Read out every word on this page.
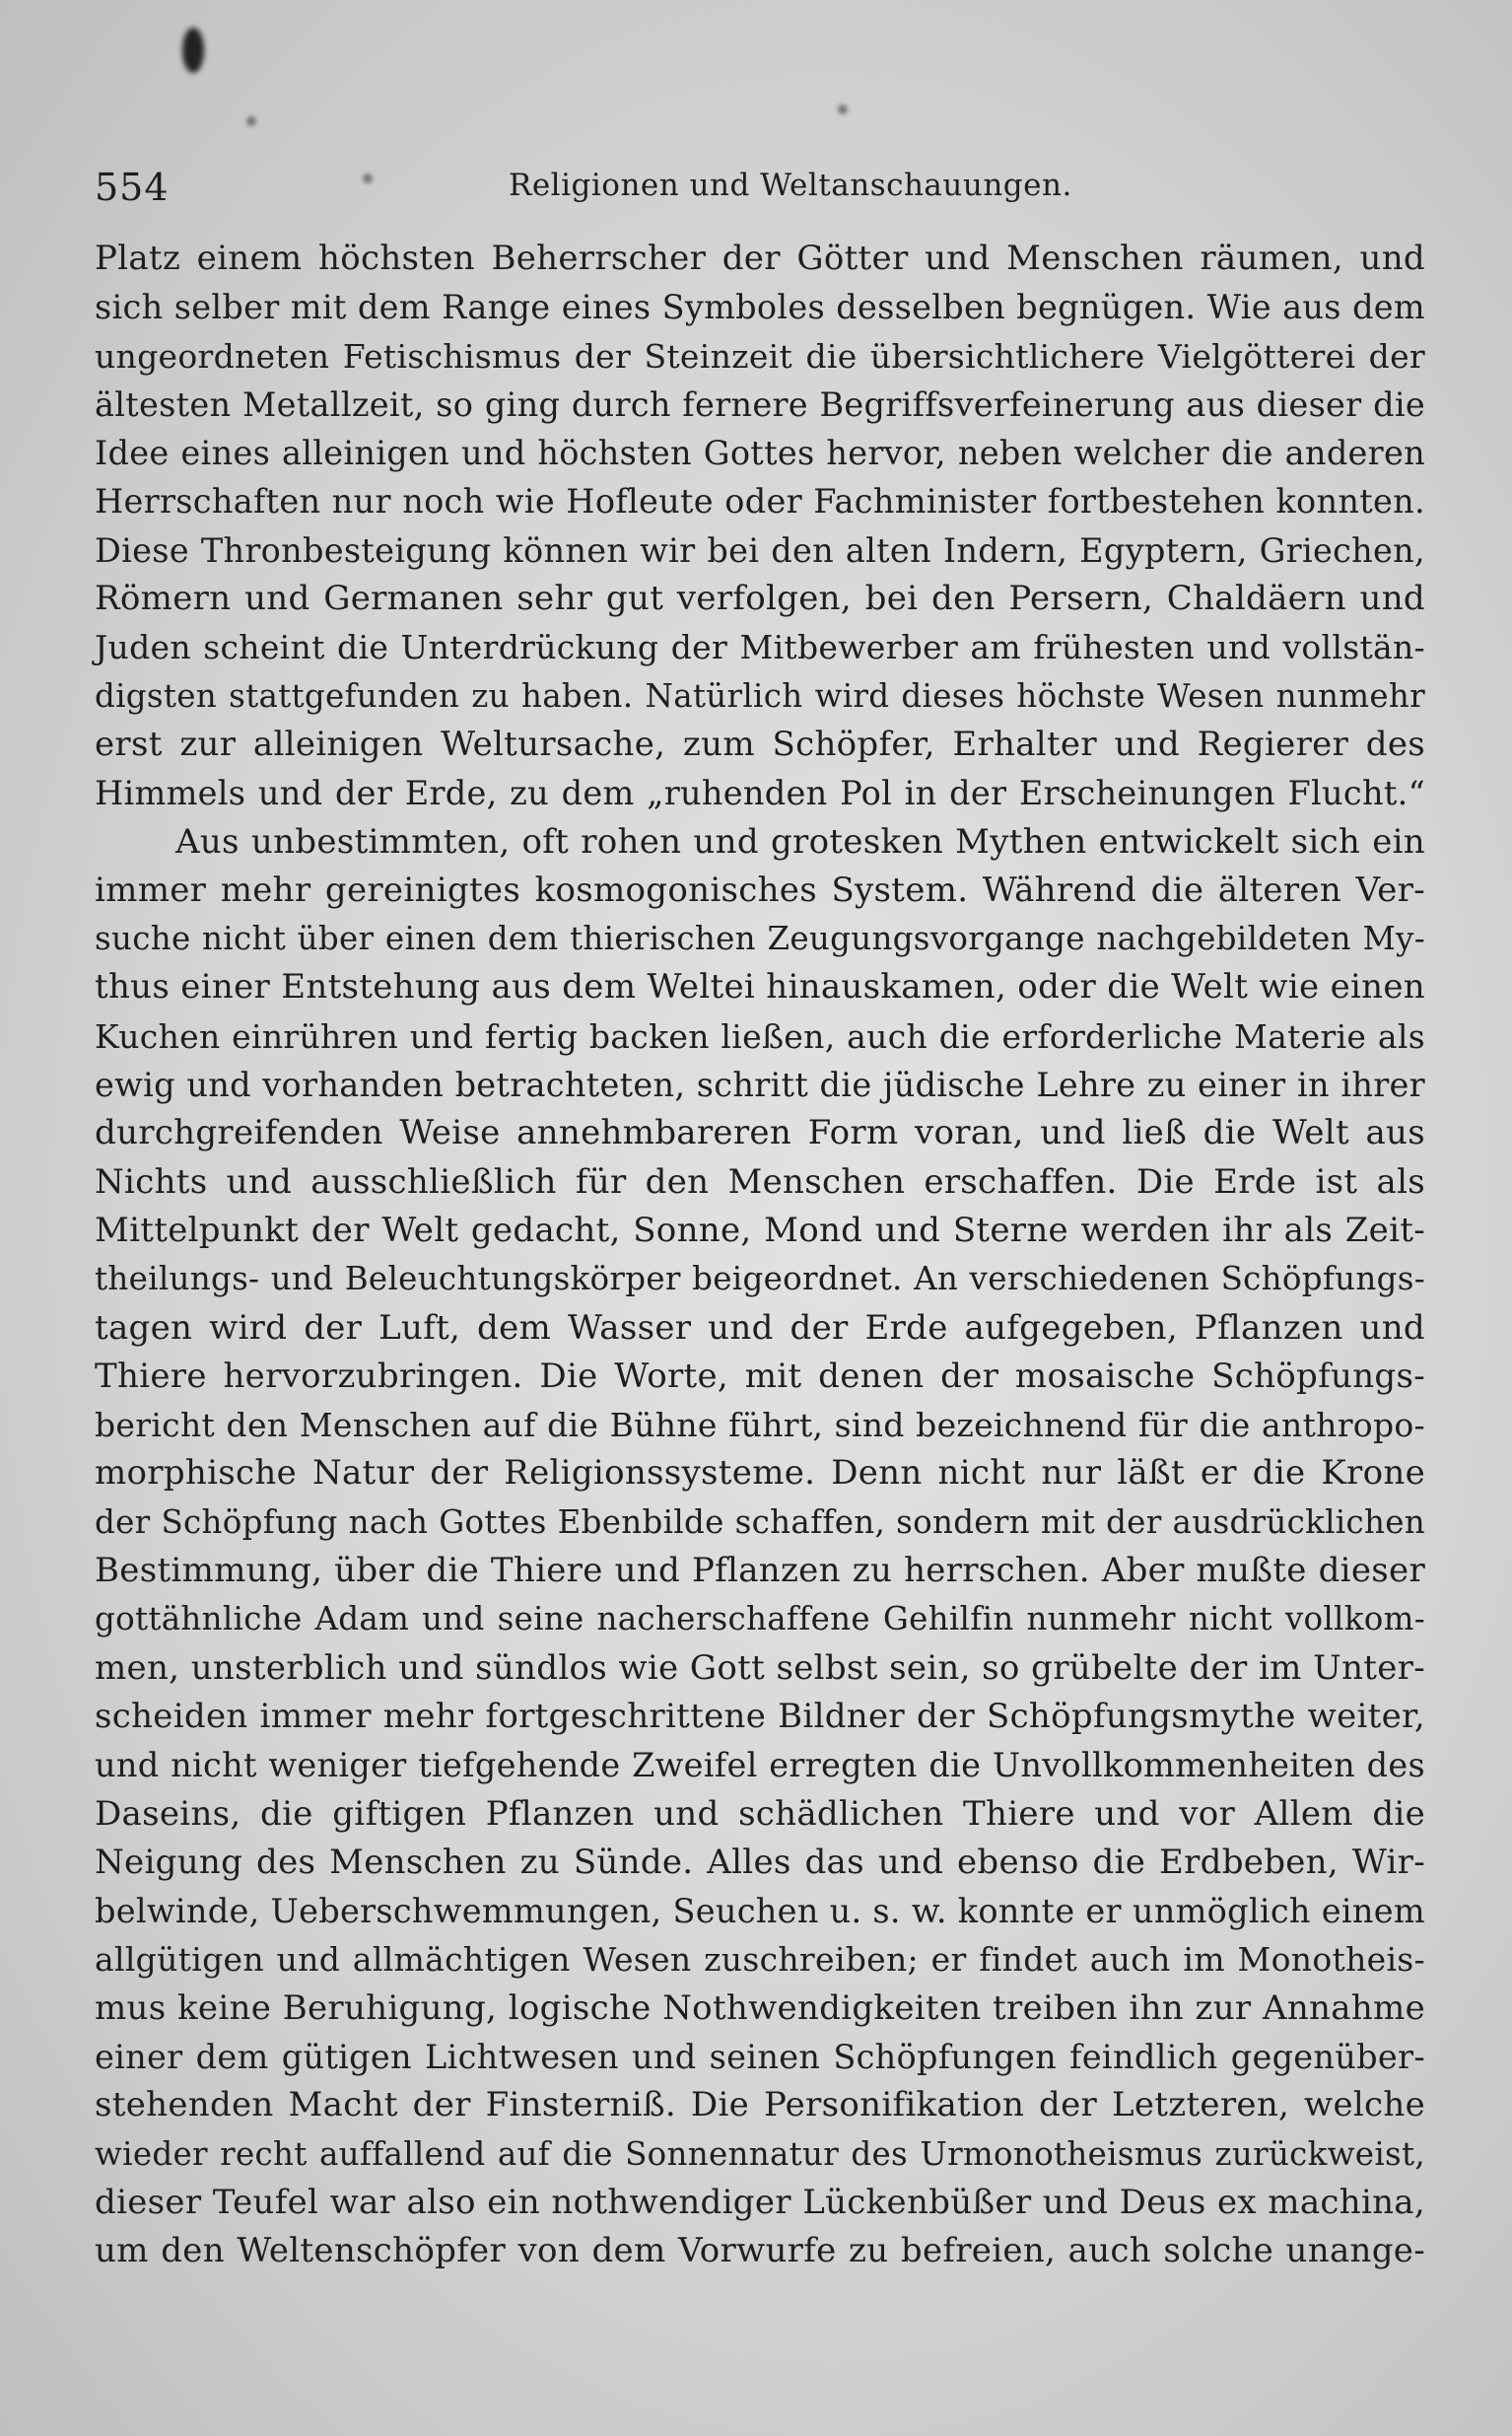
554	Religionen und Weltanschauungen.
Platz einem höchsten Beherrscher der Götter und Menschen räumen, und
sich selber mit dem Range eines Symboles desselben begnügen. Wie aus dem
ungeordneten Fetischismus der Steinzeit die übersichtlichere Vielgötterei der
ältesten Metallzeit, so ging durch fernere Begriffsverfeinerung aus dieser die
Idee eines alleinigen und höchsten Gottes hervor, neben welcher die anderen
Herrschaften nur noch wie Hofleute oder Fachminister fortbestehen konnten.
Diese Thronbesteigung können wir bei den alten Indern, Egyptern, Griechen,
Römern und Germanen sehr gut verfolgen, bei den Persern, Chaldäern und
Juden scheint die Unterdrückung der Mitbewerber am frühesten und vollstän-
digsten stattgefunden zu haben. Natürlich wird dieses höchste Wesen nunmehr
erst zur alleinigen Weltursache, zum Schöpfer, Erhalter und Regierer des
Himmels und der Erde, zu dem „ruhenden Pol in der Erscheinungen Flucht.“
Aus unbestimmten, oft rohen und grotesken Mythen entwickelt sich ein
immer mehr gereinigtes kosmogonisches System. Während die älteren Ver-
suche nicht über einen dem thierischen Zeugungsvorgange nachgebildeten My-
thus einer Entstehung aus dem Weltei hinauskamen, oder die Welt wie einen
Kuchen einrühren und fertig backen ließen, auch die erforderliche Materie als
ewig und vorhanden betrachteten, schritt die jüdische Lehre zu einer in ihrer
durchgreifenden Weise annehmbareren Form voran, und ließ die Welt aus
Nichts und ausschließlich für den Menschen erschaffen. Die Erde ist als
Mittelpunkt der Welt gedacht, Sonne, Mond und Sterne werden ihr als Zeit-
theilungs- und Beleuchtungskörper beigeordnet. An verschiedenen Schöpfungs-
tagen wird der Luft, dem Wasser und der Erde aufgegeben, Pflanzen und
Thiere hervorzubringen. Die Worte, mit denen der mosaische Schöpfungs-
bericht den Menschen auf die Bühne führt, sind bezeichnend für die anthropo-
morphische Natur der Religionssysteme. Denn nicht nur läßt er die Krone
der Schöpfung nach Gottes Ebenbilde schaffen, sondern mit der ausdrücklichen
Bestimmung, über die Thiere und Pflanzen zu herrschen. Aber mußte dieser
gottähnliche Adam und seine nacherschaffene Gehilfin nunmehr nicht vollkom-
men, unsterblich und sündlos wie Gott selbst sein, so grübelte der im Unter-
scheiden immer mehr fortgeschrittene Bildner der Schöpfungsmythe weiter,
und nicht weniger tiefgehende Zweifel erregten die Unvollkommenheiten des
Daseins, die giftigen Pflanzen und schädlichen Thiere und vor Allem die
Neigung des Menschen zu Sünde. Alles das und ebenso die Erdbeben, Wir-
belwinde, Ueberschwemmungen, Seuchen u. s. w. konnte er unmöglich einem
allgütigen und allmächtigen Wesen zuschreiben; er findet auch im Monotheis-
mus keine Beruhigung, logische Nothwendigkeiten treiben ihn zur Annahme
einer dem gütigen Lichtwesen und seinen Schöpfungen feindlich gegenüber-
stehenden Macht der Finsterniß. Die Personifikation der Letzteren, welche
wieder recht auffallend auf die Sonnennatur des Urmonotheismus zurückweist,
dieser Teufel war also ein nothwendiger Lückenbüßer und Deus ex machina,
um den Weltenschöpfer von dem Vorwurfe zu befreien, auch solche unange-
